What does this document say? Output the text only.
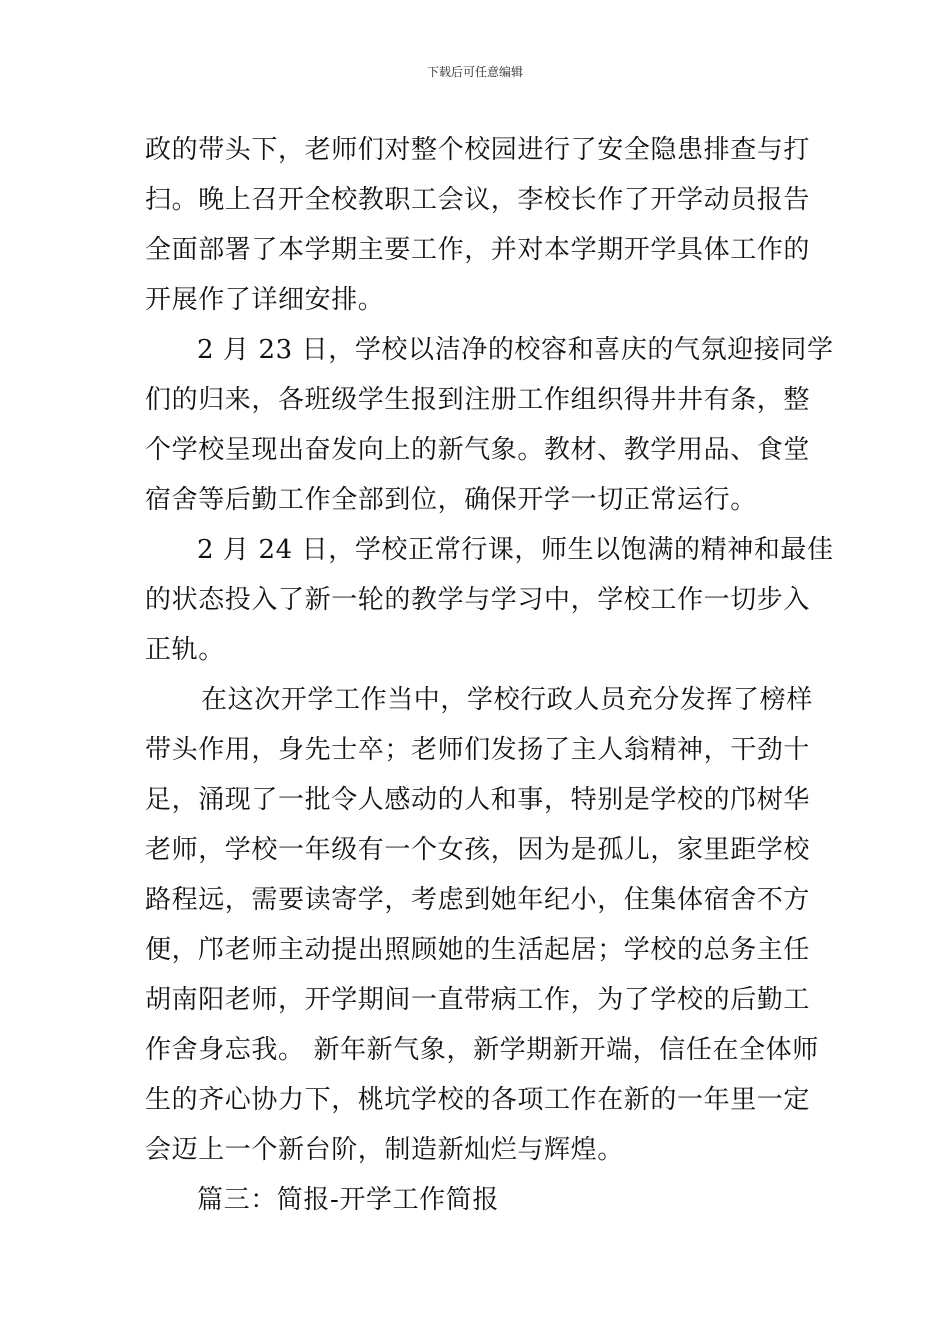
下载后可任意编辑
政的带头下，老师们对整个校园进行了安全隐患排查与打
扫。晚上召开全校教职工会议，李校长作了开学动员报告
全面部署了本学期主要工作，并对本学期开学具体工作的
开展作了详细安排。
2 月 23 日，学校以洁净的校容和喜庆的气氛迎接同学
们的归来，各班级学生报到注册工作组织得井井有条，整
个学校呈现出奋发向上的新气象。教材、教学用品、食堂
宿舍等后勤工作全部到位，确保开学一切正常运行。
2 月 24 日，学校正常行课，师生以饱满的精神和最佳
的状态投入了新一轮的教学与学习中，学校工作一切步入
正轨。
在这次开学工作当中，学校行政人员充分发挥了榜样
带头作用，身先士卒；老师们发扬了主人翁精神，干劲十
足，涌现了一批令人感动的人和事，特别是学校的邝树华
老师，学校一年级有一个女孩，因为是孤儿，家里距学校
路程远，需要读寄学，考虑到她年纪小，住集体宿舍不方
便，邝老师主动提出照顾她的生活起居；学校的总务主任
胡南阳老师，开学期间一直带病工作，为了学校的后勤工
作舍身忘我。 新年新气象，新学期新开端，信任在全体师
生的齐心协力下，桃坑学校的各项工作在新的一年里一定
会迈上一个新台阶，制造新灿烂与辉煌。
篇三：简报-开学工作简报
